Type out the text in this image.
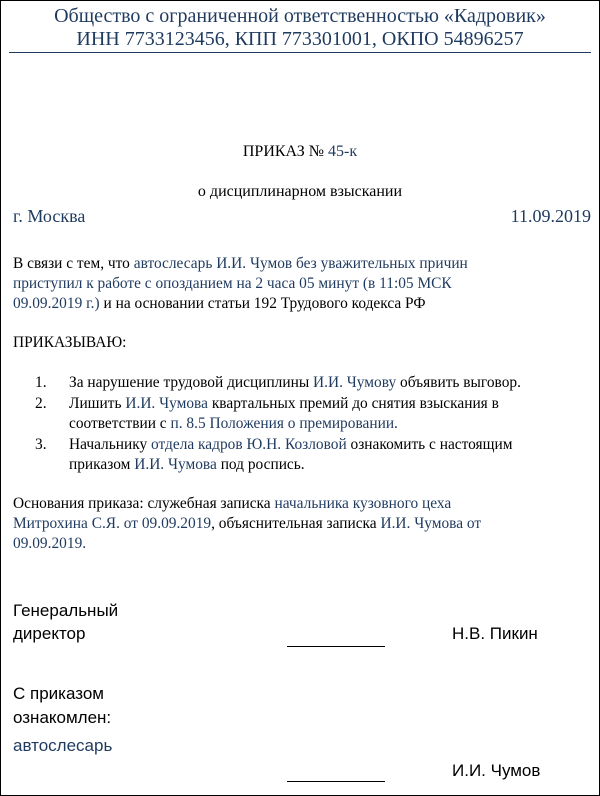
Общество с ограниченной ответственностью «Кадровик»
ИНН 7733123456, КПП 773301001, ОКПО 54896257
ПРИКАЗ № 45-к
о дисциплинарном взыскании
г. Москва	11.09.2019
В связи с тем, что автослесарь И.И. Чумов без уважительных причин
приступил к работе с опозданием на 2 часа 05 минут (в 11:05 МСК
09.09.2019 г.) и на основании статьи 192 Трудового кодекса РФ
ПРИКАЗЫВАЮ:
1. За нарушение трудовой дисциплины И.И. Чумову объявить выговор.
2. Лишить И.И. Чумова квартальных премий до снятия взыскания в
соответствии с п. 8.5 Положения о премировании.
3. Начальнику отдела кадров Ю.Н. Козловой ознакомить с настоящим
приказом И.И. Чумова под роспись.
Основания приказа: служебная записка начальника кузовного цеха
Митрохина С.Я. от 09.09.2019, объяснительная записка И.И. Чумова от
09.09.2019.
Генеральный
директор	Н.В. Пикин
С приказом
ознакомлен:
автослесарь
И.И. Чумов
